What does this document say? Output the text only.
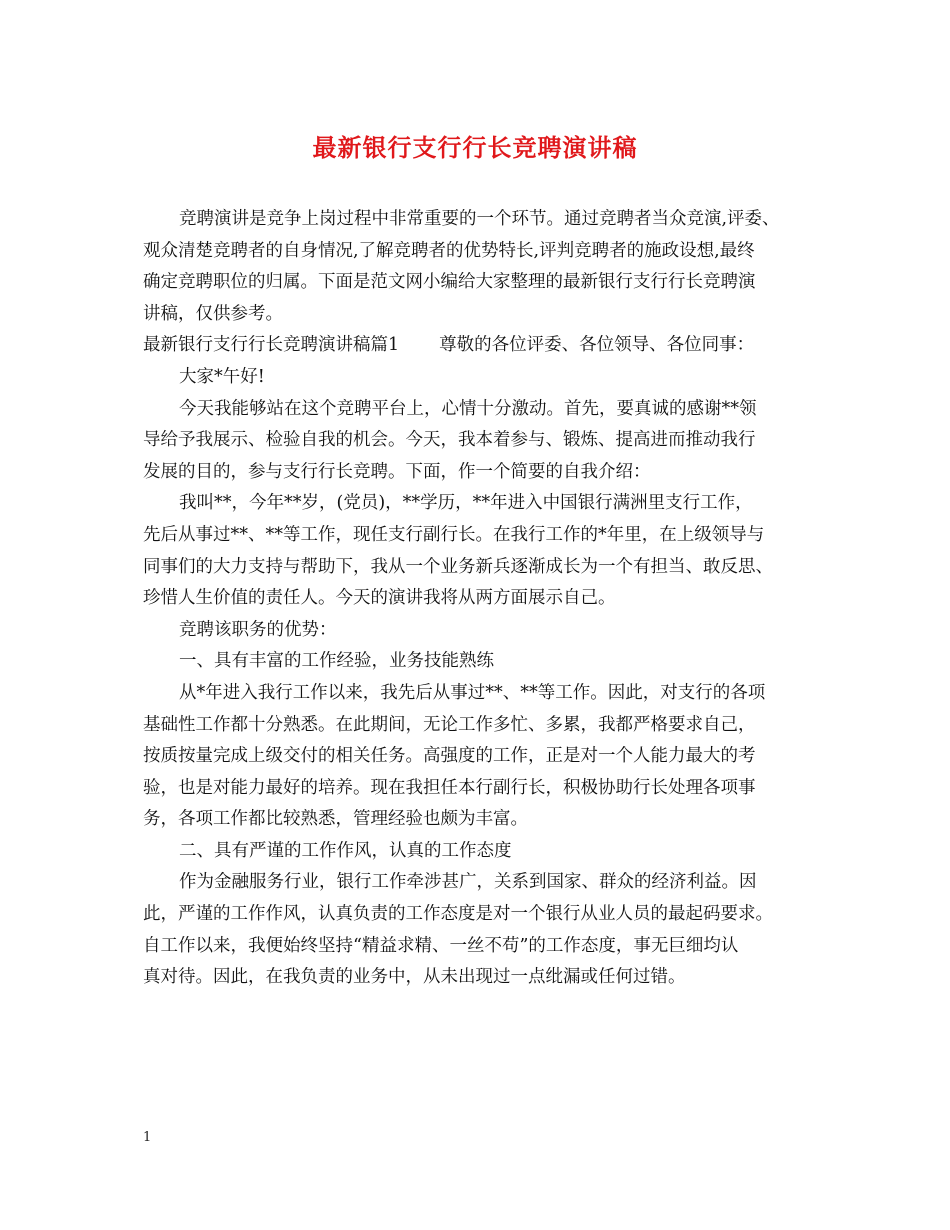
最新银行支行行长竞聘演讲稿
竞聘演讲是竞争上岗过程中非常重要的一个环节。通过竞聘者当众竞演,评委、
观众清楚竞聘者的自身情况,了解竞聘者的优势特长,评判竞聘者的施政设想,最终
确定竞聘职位的归属。下面是范文网小编给大家整理的最新银行支行行长竞聘演
讲稿，仅供参考。
最新银行支行行长竞聘演讲稿篇1 尊敬的各位评委、各位领导、各位同事：
大家*午好!
今天我能够站在这个竞聘平台上，心情十分激动。首先，要真诚的感谢**领
导给予我展示、检验自我的机会。今天，我本着参与、锻炼、提高进而推动我行
发展的目的，参与支行行长竞聘。下面，作一个简要的自我介绍：
我叫**，今年**岁，(党员)，**学历，**年进入中国银行满洲里支行工作，
先后从事过**、**等工作，现任支行副行长。在我行工作的*年里，在上级领导与
同事们的大力支持与帮助下，我从一个业务新兵逐渐成长为一个有担当、敢反思、
珍惜人生价值的责任人。今天的演讲我将从两方面展示自己。
竞聘该职务的优势：
一、具有丰富的工作经验，业务技能熟练
从*年进入我行工作以来，我先后从事过**、**等工作。因此，对支行的各项
基础性工作都十分熟悉。在此期间，无论工作多忙、多累，我都严格要求自己，
按质按量完成上级交付的相关任务。高强度的工作，正是对一个人能力最大的考
验，也是对能力最好的培养。现在我担任本行副行长，积极协助行长处理各项事
务，各项工作都比较熟悉，管理经验也颇为丰富。
二、具有严谨的工作作风，认真的工作态度
作为金融服务行业，银行工作牵涉甚广，关系到国家、群众的经济利益。因
此，严谨的工作作风，认真负责的工作态度是对一个银行从业人员的最起码要求。
自工作以来，我便始终坚持“精益求精、一丝不苟”的工作态度，事无巨细均认
真对待。因此，在我负责的业务中，从未出现过一点纰漏或任何过错。
1
